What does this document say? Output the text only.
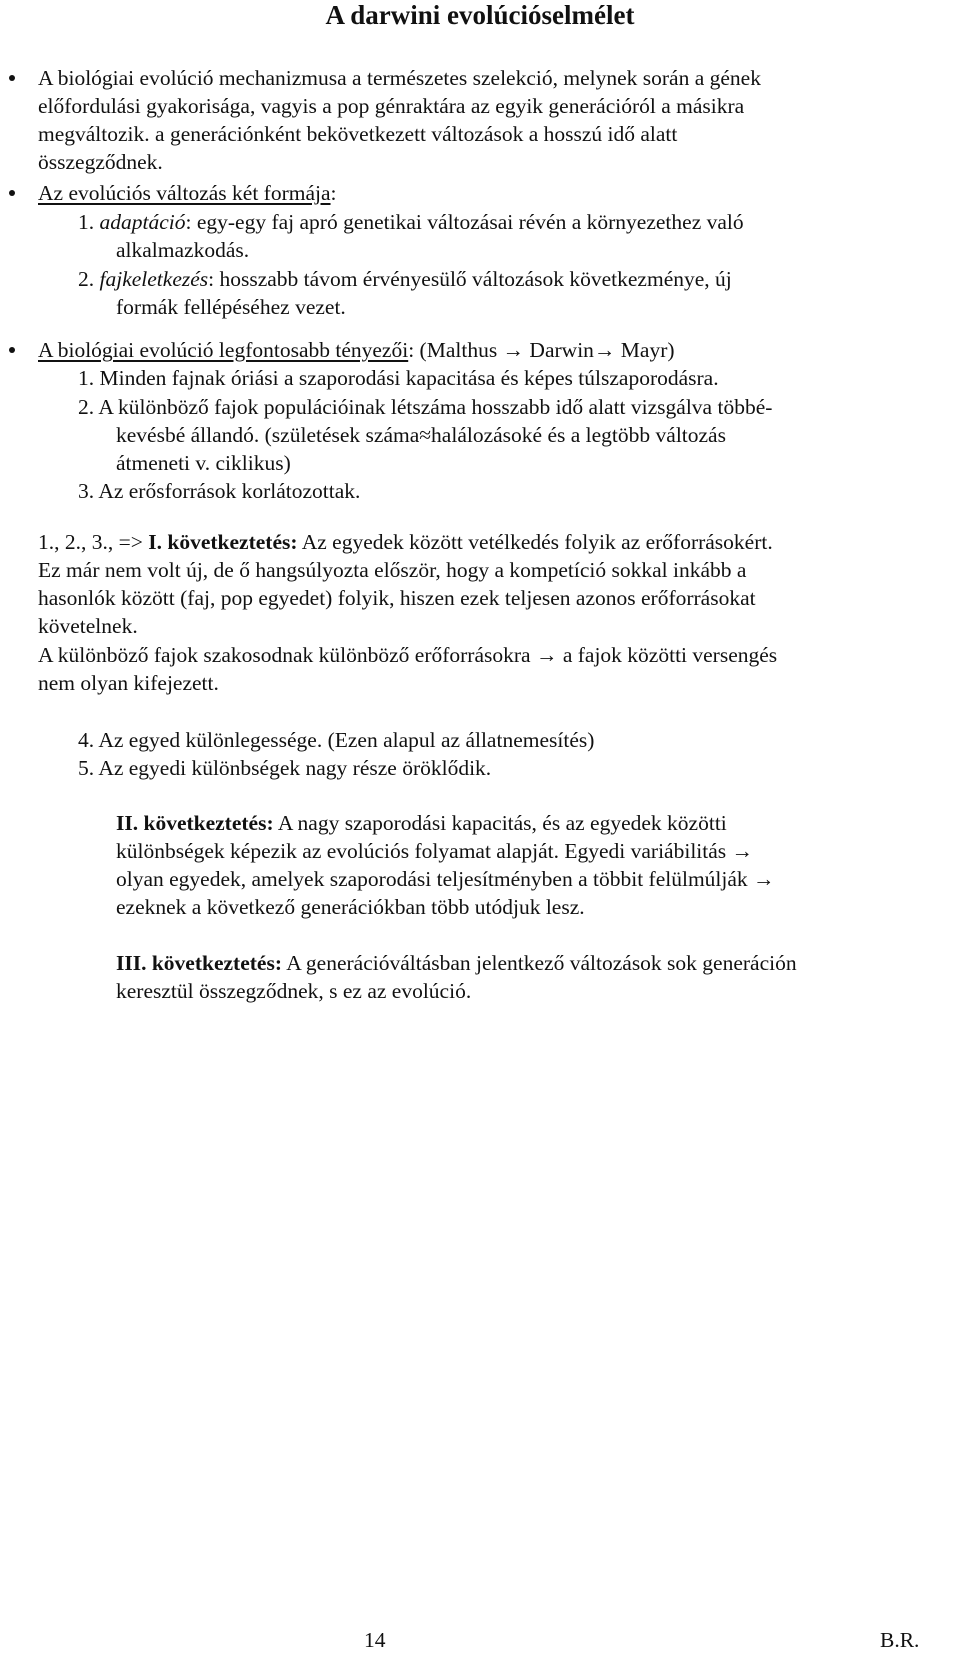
A darwini evolúcióselmélet
A biológiai evolúció mechanizmusa a természetes szelekció, melynek során a gének
előfordulási gyakorisága, vagyis a pop génraktára az egyik generációról a másikra
megváltozik. a generációnként bekövetkezett változások a hosszú idő alatt
összegződnek.
Az evolúciós változás két formája:
1. adaptáció: egy-egy faj apró genetikai változásai révén a környezethez való
alkalmazkodás.
2. fajkeletkezés: hosszabb távom érvényesülő változások következménye, új
formák fellépéséhez vezet.
A biológiai evolúció legfontosabb tényezői: (Malthus → Darwin→ Mayr)
1. Minden fajnak óriási a szaporodási kapacitása és képes túlszaporodásra.
2. A különböző fajok populációinak létszáma hosszabb idő alatt vizsgálva többé-
kevésbé állandó. (születések száma≈halálozásoké és a legtöbb változás
átmeneti v. ciklikus)
3. Az erősforrások korlátozottak.
1., 2., 3., => I. következtetés: Az egyedek között vetélkedés folyik az erőforrásokért.
Ez már nem volt új, de ő hangsúlyozta először, hogy a kompetíció sokkal inkább a
hasonlók között (faj, pop egyedet) folyik, hiszen ezek teljesen azonos erőforrásokat
követelnek.
A különböző fajok szakosodnak különböző erőforrásokra → a fajok közötti versengés
nem olyan kifejezett.
4. Az egyed különlegessége. (Ezen alapul az állatnemesítés)
5. Az egyedi különbségek nagy része öröklődik.
II. következtetés: A nagy szaporodási kapacitás, és az egyedek közötti
különbségek képezik az evolúciós folyamat alapját. Egyedi variábilitás →
olyan egyedek, amelyek szaporodási teljesítményben a többit felülmúlják →
ezeknek a következő generációkban több utódjuk lesz.
III. következtetés: A generációváltásban jelentkező változások sok generáción
keresztül összegződnek, s ez az evolúció.
14	B.R.
